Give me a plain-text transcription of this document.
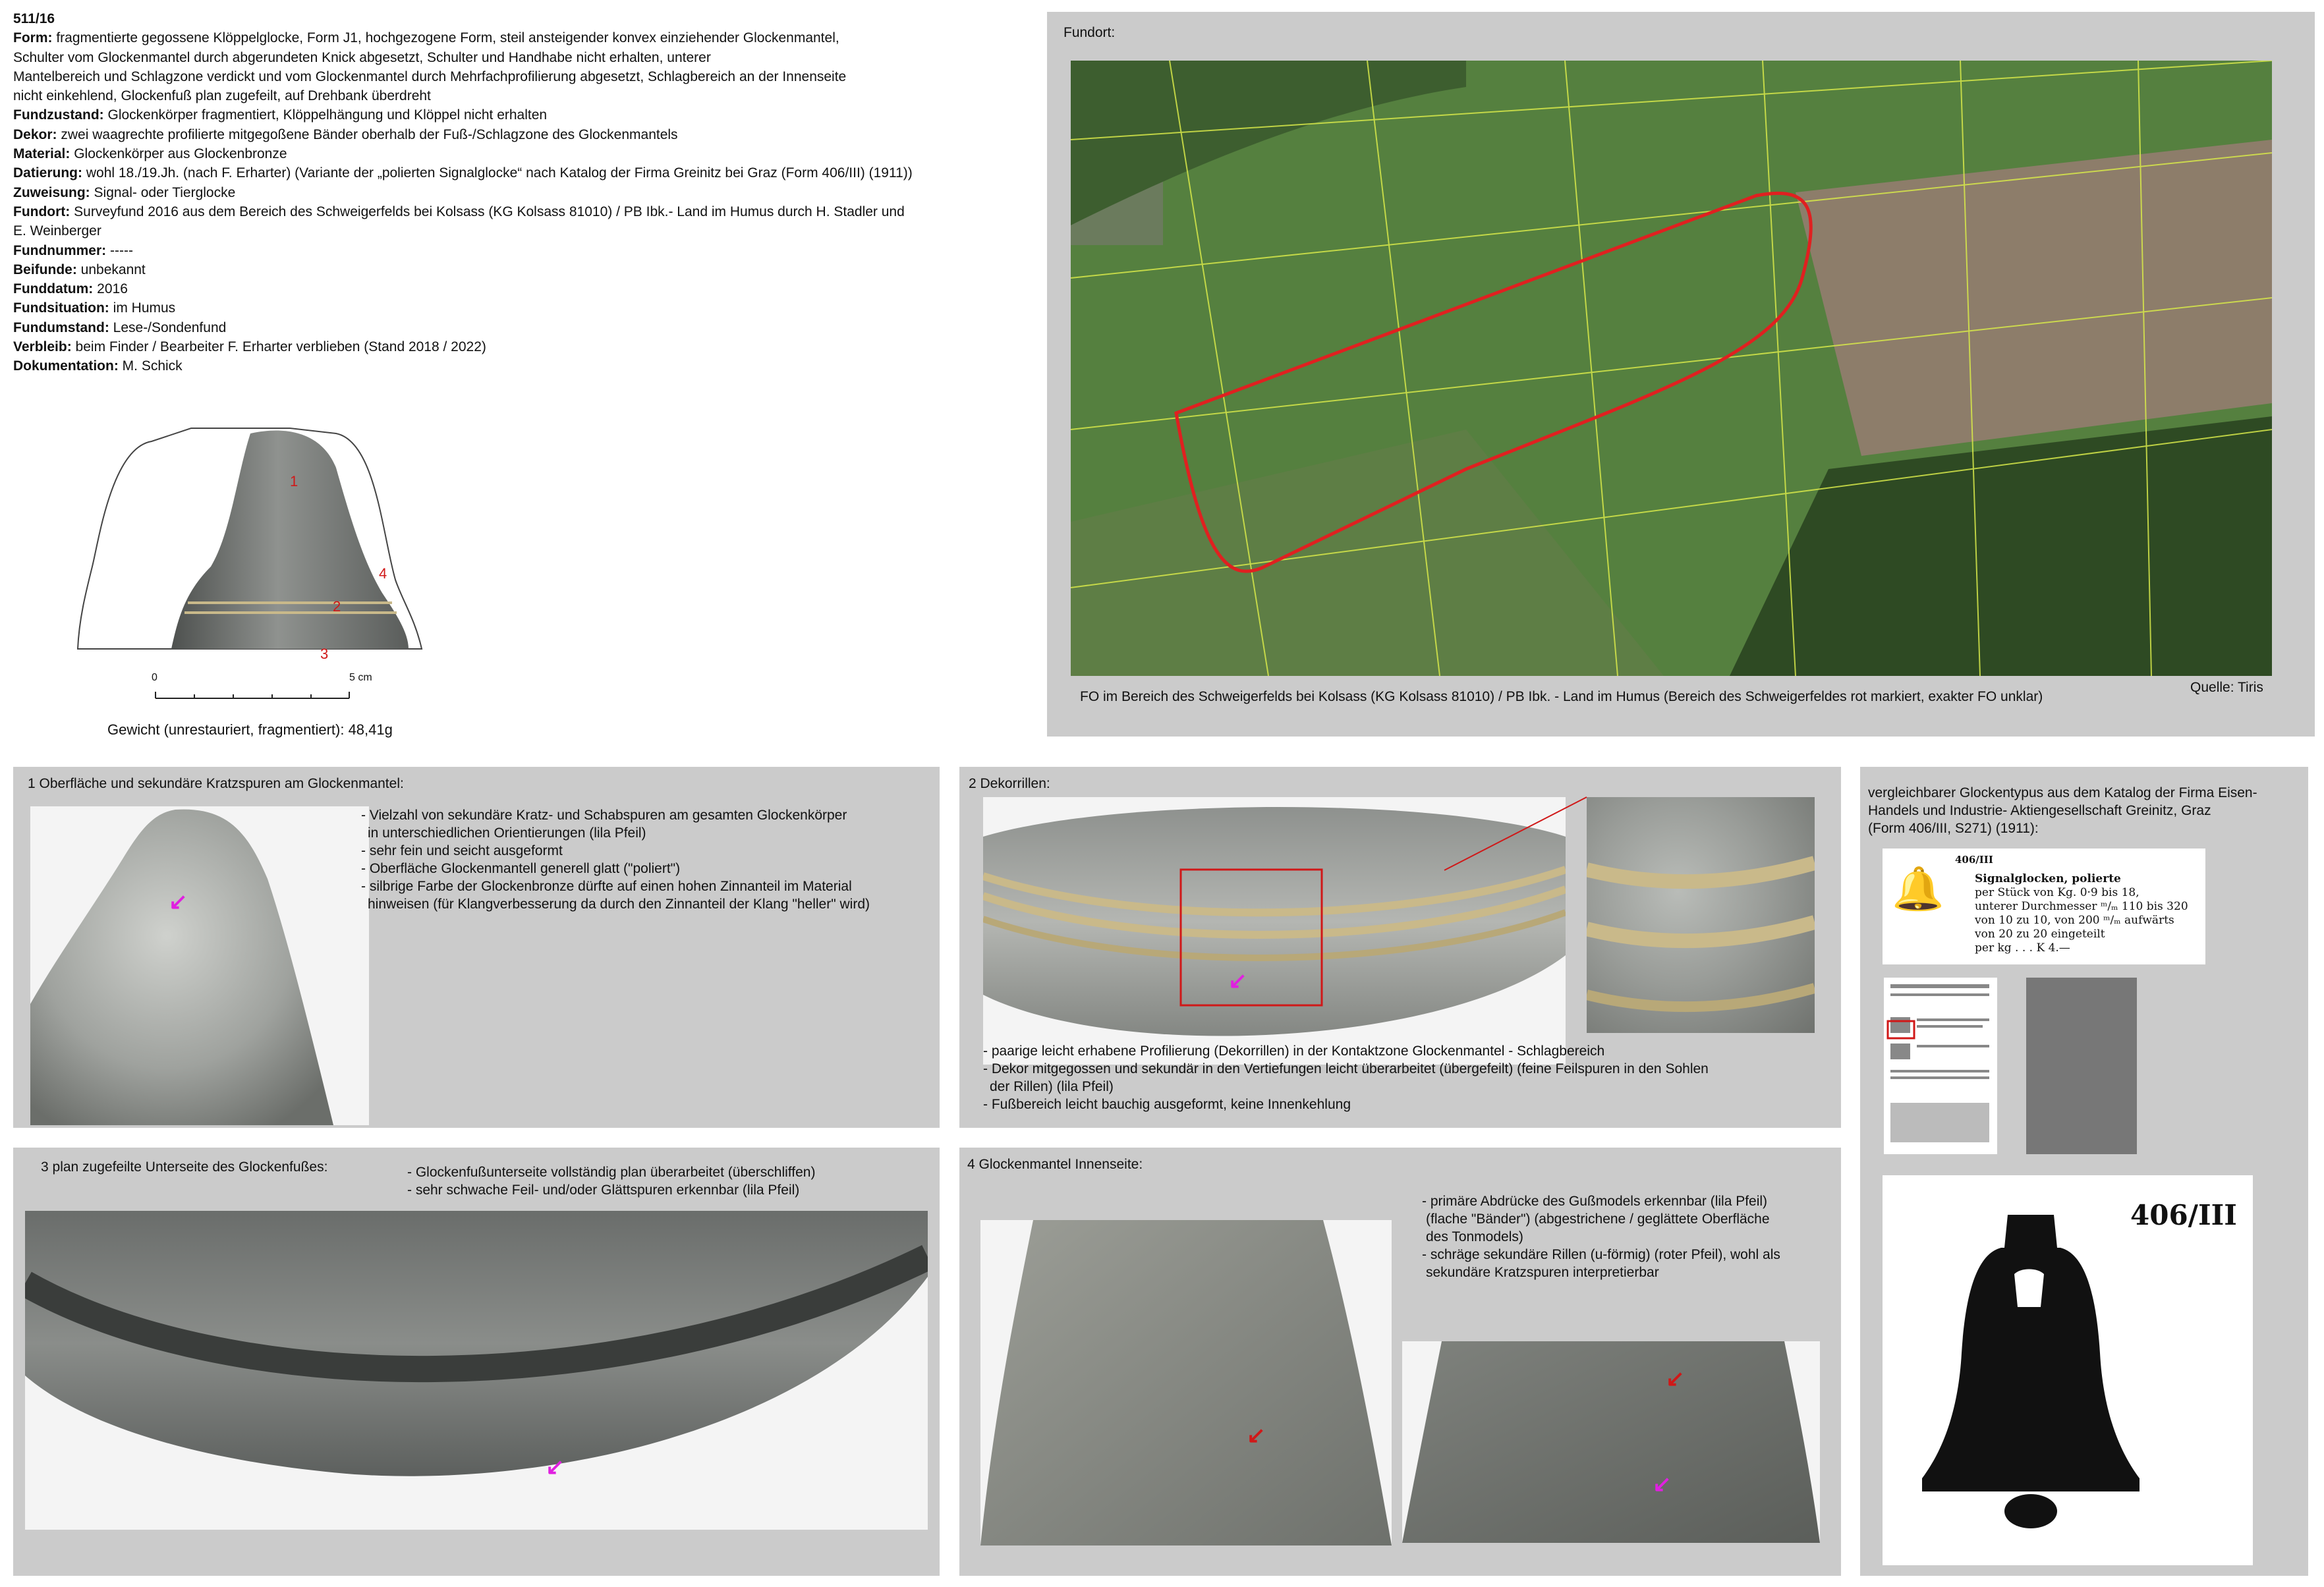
511/16
Form: fragmentierte gegossene Klöppelglocke, Form J1, hochgezogene Form, steil ansteigender konvex einziehender Glockenmantel,
Schulter vom Glockenmantel durch abgerundeten Knick abgesetzt, Schulter und Handhabe nicht erhalten, unterer
Mantelbereich und Schlagzone verdickt und vom Glockenmantel durch Mehrfachprofilierung abgesetzt, Schlagbereich an der Innenseite
nicht einkehlend, Glockenfuß plan zugefeilt, auf Drehbank überdreht
Fundzustand: Glockenkörper fragmentiert, Klöppelhängung und Klöppel nicht erhalten
Dekor: zwei waagrechte profilierte mitgegoßene Bänder oberhalb der Fuß-/Schlagzone des Glockenmantels
Material: Glockenkörper aus Glockenbronze
Datierung: wohl 18./19.Jh. (nach F. Erharter) (Variante der „polierten Signalglocke“ nach Katalog der Firma Greinitz bei Graz (Form 406/III) (1911))
Zuweisung: Signal- oder Tierglocke
Fundort: Surveyfund 2016 aus dem Bereich des Schweigerfelds bei Kolsass (KG Kolsass 81010) / PB Ibk.- Land im Humus durch H. Stadler und
E. Weinberger
Fundnummer: -----
Beifunde: unbekannt
Funddatum: 2016
Fundsituation: im Humus
Fundumstand: Lese-/Sondenfund
Verbleib: beim Finder / Bearbeiter F. Erharter verblieben (Stand 2018 / 2022)
Dokumentation: M. Schick
1
2
3
4
0	5 cm
Gewicht (unrestauriert, fragmentiert): 48,41g
Fundort:
FO im Bereich des Schweigerfelds bei Kolsass (KG Kolsass 81010) / PB Ibk. - Land im Humus (Bereich des Schweigerfeldes rot markiert, exakter FO unklar)
Quelle: Tiris
1 Oberfläche und sekundäre Kratzspuren am Glockenmantel:
↙
- Vielzahl von sekundäre Kratz- und Schabspuren am gesamten Glockenkörper
in unterschiedlichen Orientierungen (lila Pfeil)
- sehr fein und seicht ausgeformt
- Oberfläche Glockenmantell generell glatt ("poliert")
- silbrige Farbe der Glockenbronze dürfte auf einen hohen Zinnanteil im Material
hinweisen (für Klangverbesserung da durch den Zinnanteil der Klang "heller" wird)
2 Dekorrillen:
↙
- paarige leicht erhabene Profilierung (Dekorrillen) in der Kontaktzone Glockenmantel - Schlagbereich
- Dekor mitgegossen und sekundär in den Vertiefungen leicht überarbeitet (übergefeilt) (feine Feilspuren in den Sohlen
der Rillen) (lila Pfeil)
- Fußbereich leicht bauchig ausgeformt, keine Innenkehlung
vergleichbarer Glockentypus aus dem Katalog der Firma Eisen-
Handels und Industrie- Aktiengesellschaft Greinitz, Graz
(Form 406/III, S271) (1911):
406/III
🔔	Signalglocken, polierte
per Stück von Kg. 0·9 bis 18,
unterer Durchmesser ᵐ/ₘ 110 bis 320
von 10 zu 10, von 200 ᵐ/ₘ aufwärts
von 20 zu 20 eingeteilt
per kg . . . K 4.—
406/III
3 plan zugefeilte Unterseite des Glockenfußes:	- Glockenfußunterseite vollständig plan überarbeitet (überschliffen)
- sehr schwache Feil- und/oder Glättspuren erkennbar (lila Pfeil)
↙
4 Glockenmantel Innenseite:
- primäre Abdrücke des Gußmodels erkennbar (lila Pfeil)
(flache "Bänder") (abgestrichene / geglättete Oberfläche
des Tonmodels)
- schräge sekundäre Rillen (u-förmig) (roter Pfeil), wohl als
sekundäre Kratzspuren interpretierbar
↙
↙
↙
